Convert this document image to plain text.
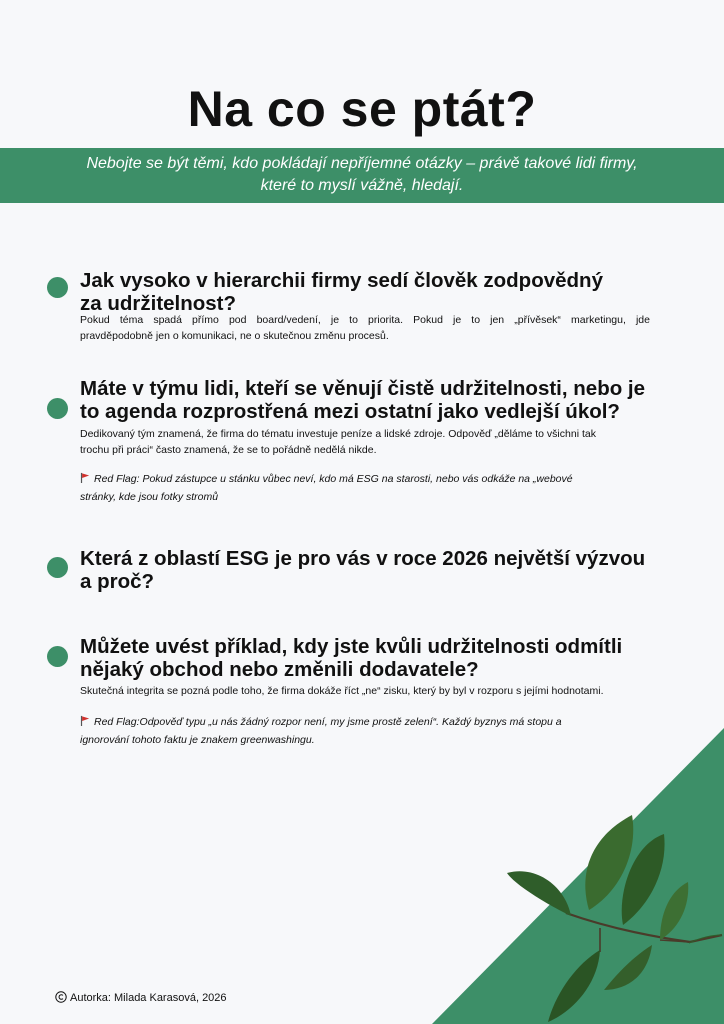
Na co se ptát?
Nebojte se být těmi, kdo pokládají nepříjemné otázky – právě takové lidi firmy,
které to myslí vážně, hledají.
Jak vysoko v hierarchii firmy sedí člověk zodpovědný
za udržitelnost?
Pokud téma spadá přímo pod board/vedení, je to priorita. Pokud je to jen „přívěsek“ marketingu, jde
pravděpodobně jen o komunikaci, ne o skutečnou změnu procesů.
Máte v týmu lidi, kteří se věnují čistě udržitelnosti, nebo je
to agenda rozprostřená mezi ostatní jako vedlejší úkol?
Dedikovaný tým znamená, že firma do tématu investuje peníze a lidské zdroje. Odpověď „děláme to všichni tak
trochu při práci“ často znamená, že se to pořádně nedělá nikde.
Red Flag: Pokud zástupce u stánku vůbec neví, kdo má ESG na starosti, nebo vás odkáže na „webové
stránky, kde jsou fotky stromů
Která z oblastí ESG je pro vás v roce 2026 největší výzvou
a proč?
Můžete uvést příklad, kdy jste kvůli udržitelnosti odmítli
nějaký obchod nebo změnili dodavatele?
Skutečná integrita se pozná podle toho, že firma dokáže říct „ne“ zisku, který by byl v rozporu s jejími hodnotami.
Red Flag:Odpověď typu „u nás žádný rozpor není, my jsme prostě zelení“. Každý byznys má stopu a
ignorování tohoto faktu je znakem greenwashingu.
Autorka: Milada Karasová, 2026
